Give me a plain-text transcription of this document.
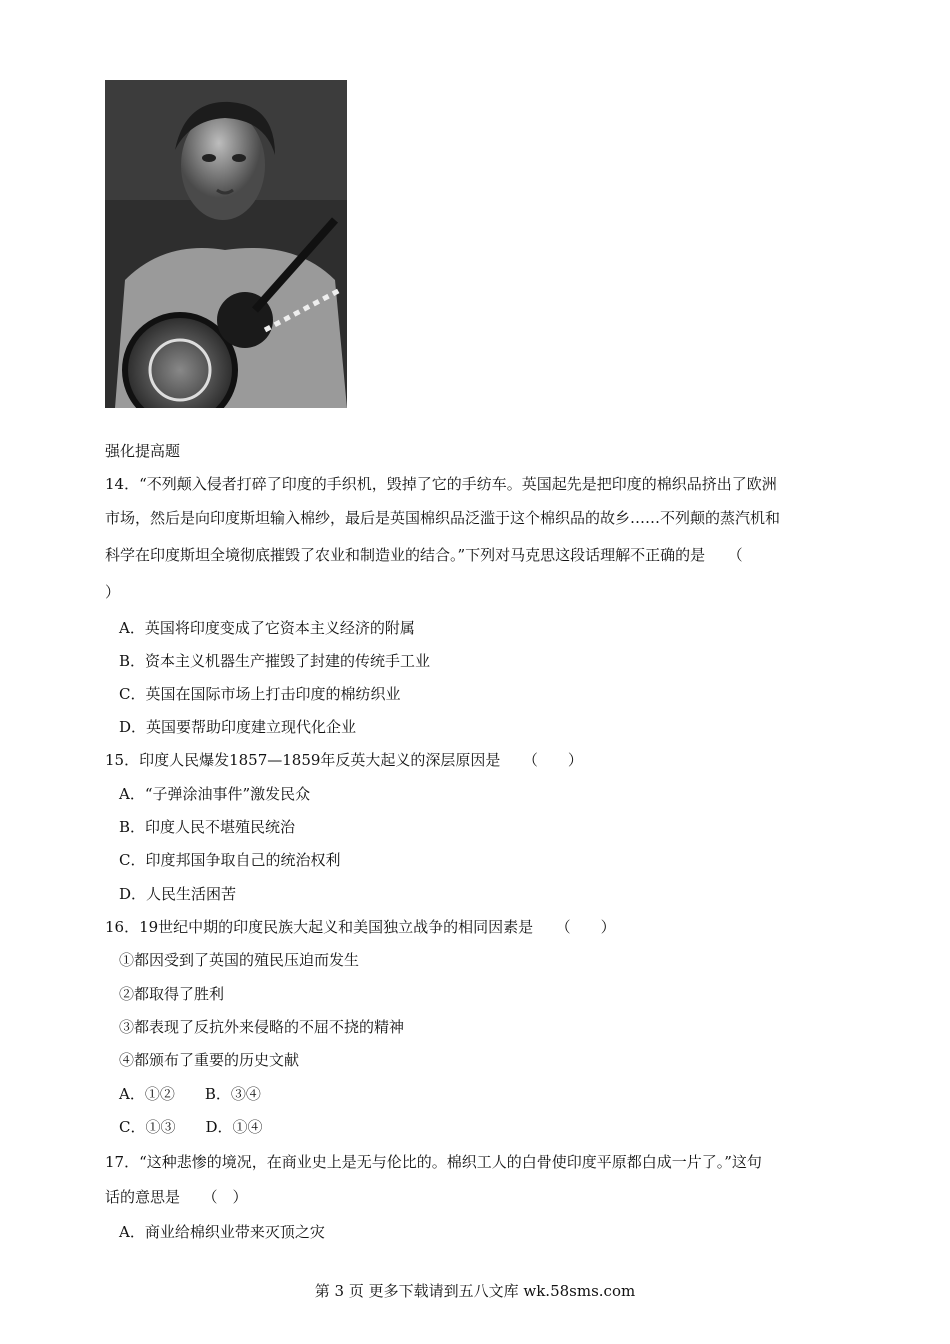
强化提高题
14．“不列颠入侵者打碎了印度的手织机，毁掉了它的手纺车。英国起先是把印度的棉织品挤出了欧洲
市场，然后是向印度斯坦输入棉纱，最后是英国棉织品泛滥于这个棉织品的故乡……不列颠的蒸汽机和
科学在印度斯坦全境彻底摧毁了农业和制造业的结合。”下列对马克思这段话理解不正确的是　　（
）
A．英国将印度变成了它资本主义经济的附属
B．资本主义机器生产摧毁了封建的传统手工业
C．英国在国际市场上打击印度的棉纺织业
D．英国要帮助印度建立现代化企业
15．印度人民爆发1857—1859年反英大起义的深层原因是　　（　　）
A．“子弹涂油事件”激发民众
B．印度人民不堪殖民统治
C．印度邦国争取自己的统治权利
D．人民生活困苦
16．19世纪中期的印度民族大起义和美国独立战争的相同因素是　　（　　）
①都因受到了英国的殖民压迫而发生
②都取得了胜利
③都表现了反抗外来侵略的不屈不挠的精神
④都颁布了重要的历史文献
A．①②　　B．③④
C．①③　　D．①④
17．“这种悲惨的境况，在商业史上是无与伦比的。棉织工人的白骨使印度平原都白成一片了。”这句
话的意思是　　（　）
A．商业给棉织业带来灭顶之灾
第 3 页 更多下载请到五八文库 wk.58sms.com
